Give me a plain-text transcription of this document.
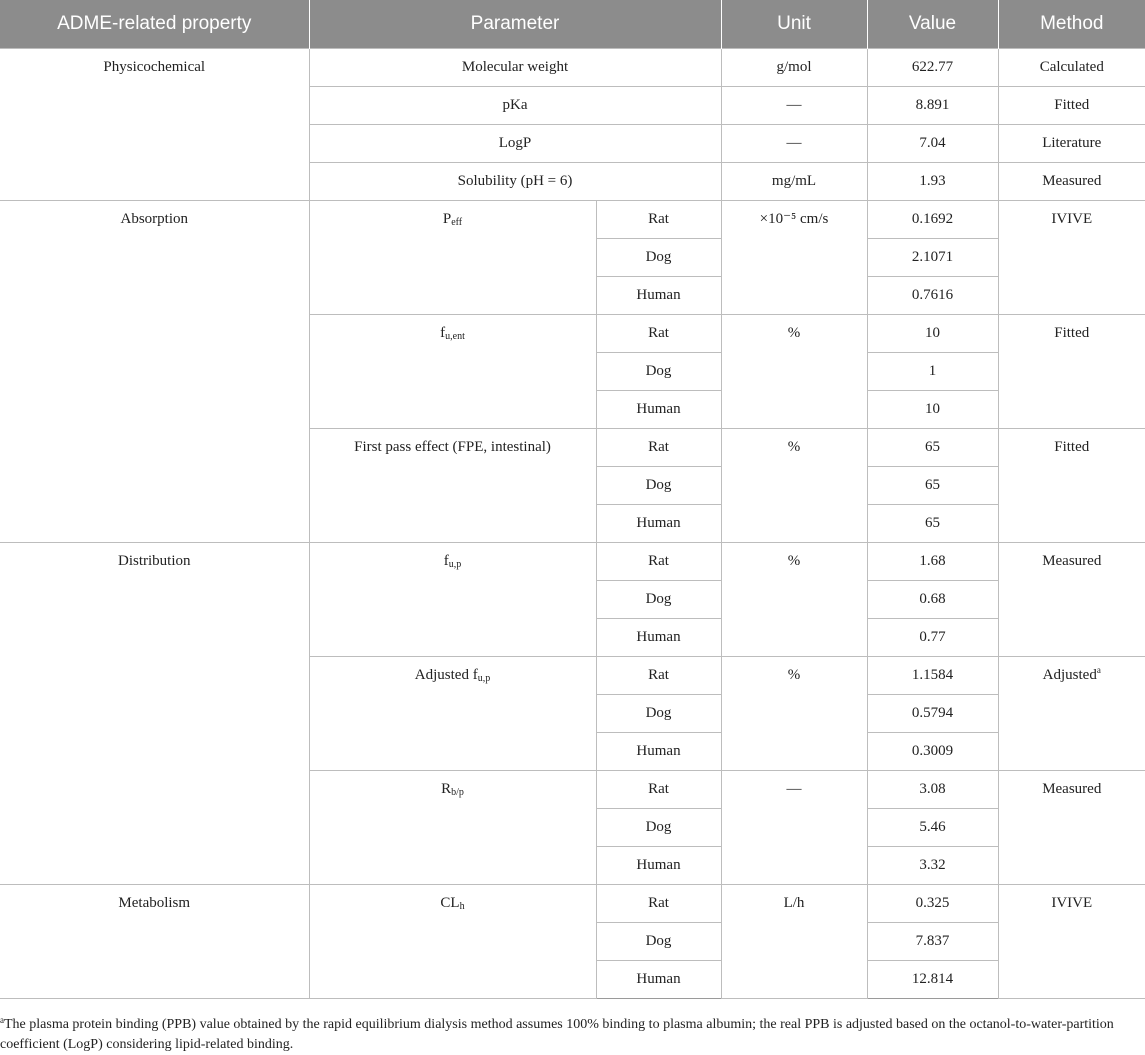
ADME-related property	Parameter		Unit	Value	Method
Physicochemical	Molecular weight		g/mol	622.77	Calculated
	pKa		—	8.891	Fitted
	LogP		—	7.04	Literature
	Solubility (pH = 6)		mg/mL	1.93	Measured
Absorption	$P_{eff}$	Rat	×10⁻⁵ cm/s	0.1692	IVIVE
		Dog		2.1071	
		Human		0.7616	
	$f_{u,ent}$	Rat	%	10	Fitted
		Dog		1	
		Human		10	
	First pass effect (FPE, intestinal)	Rat	%	65	Fitted
		Dog		65	
		Human		65	
Distribution	$f_{u,p}$	Rat	%	1.68	Measured
		Dog		0.68	
		Human		0.77	
	Adjusted $f_{u,p}$	Rat	%	1.1584	Adjusted$^a$
		Dog		0.5794	
		Human		0.3009	
	$R_{b/p}$	Rat	—	3.08	Measured
		Dog		5.46	
		Human		3.32	
Metabolism	$CL_h$	Rat	L/h	0.325	IVIVE
		Dog		7.837	
		Human		12.814	
$^a$The plasma protein binding (PPB) value obtained by the rapid equilibrium dialysis method assumes 100% binding to plasma albumin; the real PPB is adjusted based on the octanol-to-water-partition coefficient (LogP) considering lipid-related binding.
